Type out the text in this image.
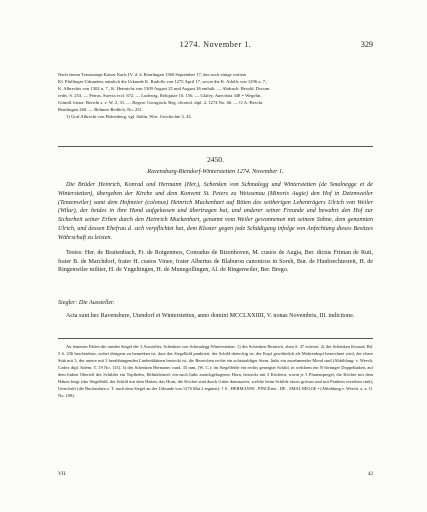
1274. November 1.	329

Nach einem Transsumpt Kaiser Karls IV. d. d. Reutlingen 1360 September 17, das noch einige weitere

Kl. Pfullinger Urkunden, nämlich die Urkunde K. Rudolfs von 1275 April 17, sowie die K. Adolfs von 1296 u. 7.,

K. Albrechts von 1302 u. 7., K. Heinrichs von 1309 August 25 und August 26 enthält. — Abdruck: Besold, Docum.

rediv. S. 253. — Petrus, Suevia eccl. 672. — Ludewig, Reliquiae 10, 156. — Glafey, Anecdota 348 = Wegelin,

Gründl. histor. Bericht s. e. W. 2, 31. — Regest: Georgisch, Reg. chronol. dipl. 2, 1274 No. 66. — O.A.-Beschr.

Reutlingen 260. — Böhmer-Redlich, No. 251.

1) Graf Albrecht von Hohenberg, vgl. Stälin, Wirt. Geschichte 3, 43.

2450.
Ravensburg-Biendorf-Winterstetten 1274. November 1.

Die Brüder Heinrich, Konrad und Hermann (Her.), Schenken von Schmalegg und Winterstetten (de Smalnegge et de Winterstetten), übergeben der Kirche und dem Konvent St. Peters zu Weissenau (Minoris Augie) den Hof in Detzmweiler (Tenzenwiler) samt dem Hofmeier (colonus) Heinrich Muckenhart auf Bitten des seitherigen Lehenträgers Ulrich von Weiler (Wilar), der beides in ihre Hand aufgelassen und übertragen hat, und anderer seiner Freunde und bewahrt den Hof zur Sicherheit seiner Erben durch den Heinrich Muckenhart, genannt vom Weiler gewonnenen mit seinem Sohne, dem genannten Ulrich, und dessen Ehefrau d. sich verpflichtet hat, dem Kloster gegen jede Schädigung infolge von Anfechtung dieses Besitzes Währschaft zu leisten.

Testes: Her. de Braitenbach, Fr. de Rotgenmos, Conradus de Bizenhoven, M. custos de Augia, Ber. dictus Friman de Ruti, frater B. de Marchdorf, frater H. custos Vinee, frater Albertus de Blaburon canonicus in Soreh, Bur. de Hunbrechtesrett, H. de Ringenwiler militer, H. de Yngeltingen, H. de Munegollingen, Al. de Ringenwiler, Ber. Brego.

Siegler: Die Aussteller.

Acta sunt hec Ravensbure, Utendorf et Winterstetten, anno domini MCCLXXIIII, V. nonas Novembris, III. indictione.

An leinenen Fäden die runden Siegel der 3 Aussteller, Schenken von Schmalegg-Winterstetten: 1) des Schenken Heinrich, oben S. 47 erörtert. 2) des Schenken Konrad, Bd. 5 S. 236 beschrieben, wobei übrigens zu bemerken ist, dass das Siegelbild punktiert, der Schild dreieckig ist, der Kopf gewöhnlich als Mohrenkopf bezeichnet wird, der obere Stab mit 3, der untere mit 3 herabhängenden Lindenblättern besteckt ist, die Bezeichen rechts ein achtstrahliger Stern, links ein zunehmender Mond sind (Abbildung: v. Weech, Codex dipl. Salem. T. 19 No. 113). 3) des Schenken Hermann: rund, 35 mm, (W. C.): im Siegelfelde ein rechts geneigter Schild, in welchem ein N-förmiger Doppelhaken, auf dem linken Oberteil des Schildes ein Topfhelm, Helmkleinod: ein nach links zurückgebogenes Horn, besteckt mit 3 Köchern, worin je 3 Pfauenspiegel, die Köcher mit dem Haken beigt (das Siegelbild, der Schild mit dem Haken, das Horn, die Köcher sind durch Gitter damasziert, welche beim Schilde etwas grösser und mit Punkten versehen sind); Umschrift (die Buchstaben z. T. nach dem Siegel an der Urkunde von 1276 Mai 2 ergänzt): † S . HERMANNI . PINCErne . DE . SMALNEGGE • (Abbildung v. Weech, a. a. O. No. 108).

VII.	42
